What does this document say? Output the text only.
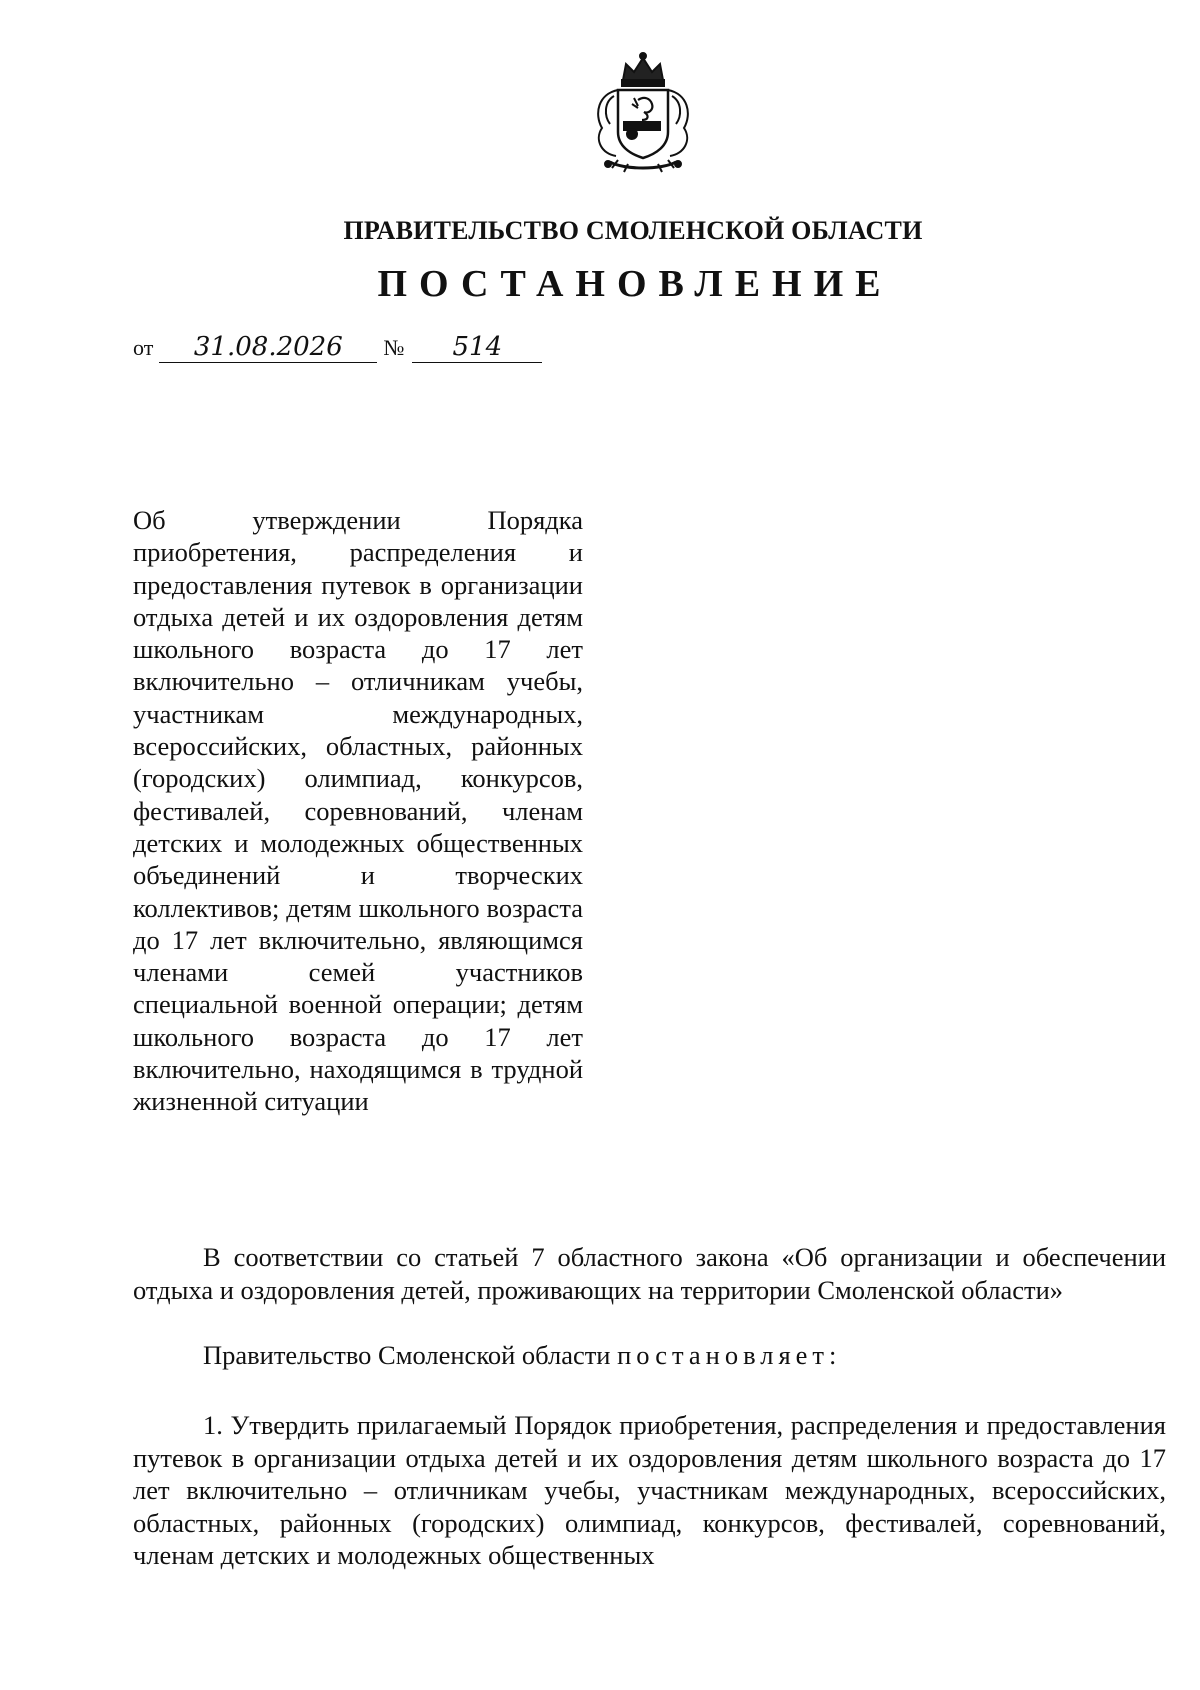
ПРАВИТЕЛЬСТВО СМОЛЕНСКОЙ ОБЛАСТИ
ПОСТАНОВЛЕНИЕ
от 31.08.2026 № 514
Об утверждении Порядка приобретения, распределения и предоставления путевок в организации отдыха детей и их оздоровления детям школьного возраста до 17 лет включительно – отличникам учебы, участникам международных, всероссийских, областных, районных (городских) олимпиад, конкурсов, фестивалей, соревнований, членам детских и молодежных общественных объединений и творческих коллективов; детям школьного возраста до 17 лет включительно, являющимся членами семей участников специальной военной операции; детям школьного возраста до 17 лет включительно, находящимся в трудной жизненной ситуации
В соответствии со статьей 7 областного закона «Об организации и обеспечении отдыха и оздоровления детей, проживающих на территории Смоленской области»
Правительство Смоленской области постановляет:
1. Утвердить прилагаемый Порядок приобретения, распределения и предоставления путевок в организации отдыха детей и их оздоровления детям школьного возраста до 17 лет включительно – отличникам учебы, участникам международных, всероссийских, областных, районных (городских) олимпиад, конкурсов, фестивалей, соревнований, членам детских и молодежных общественных
